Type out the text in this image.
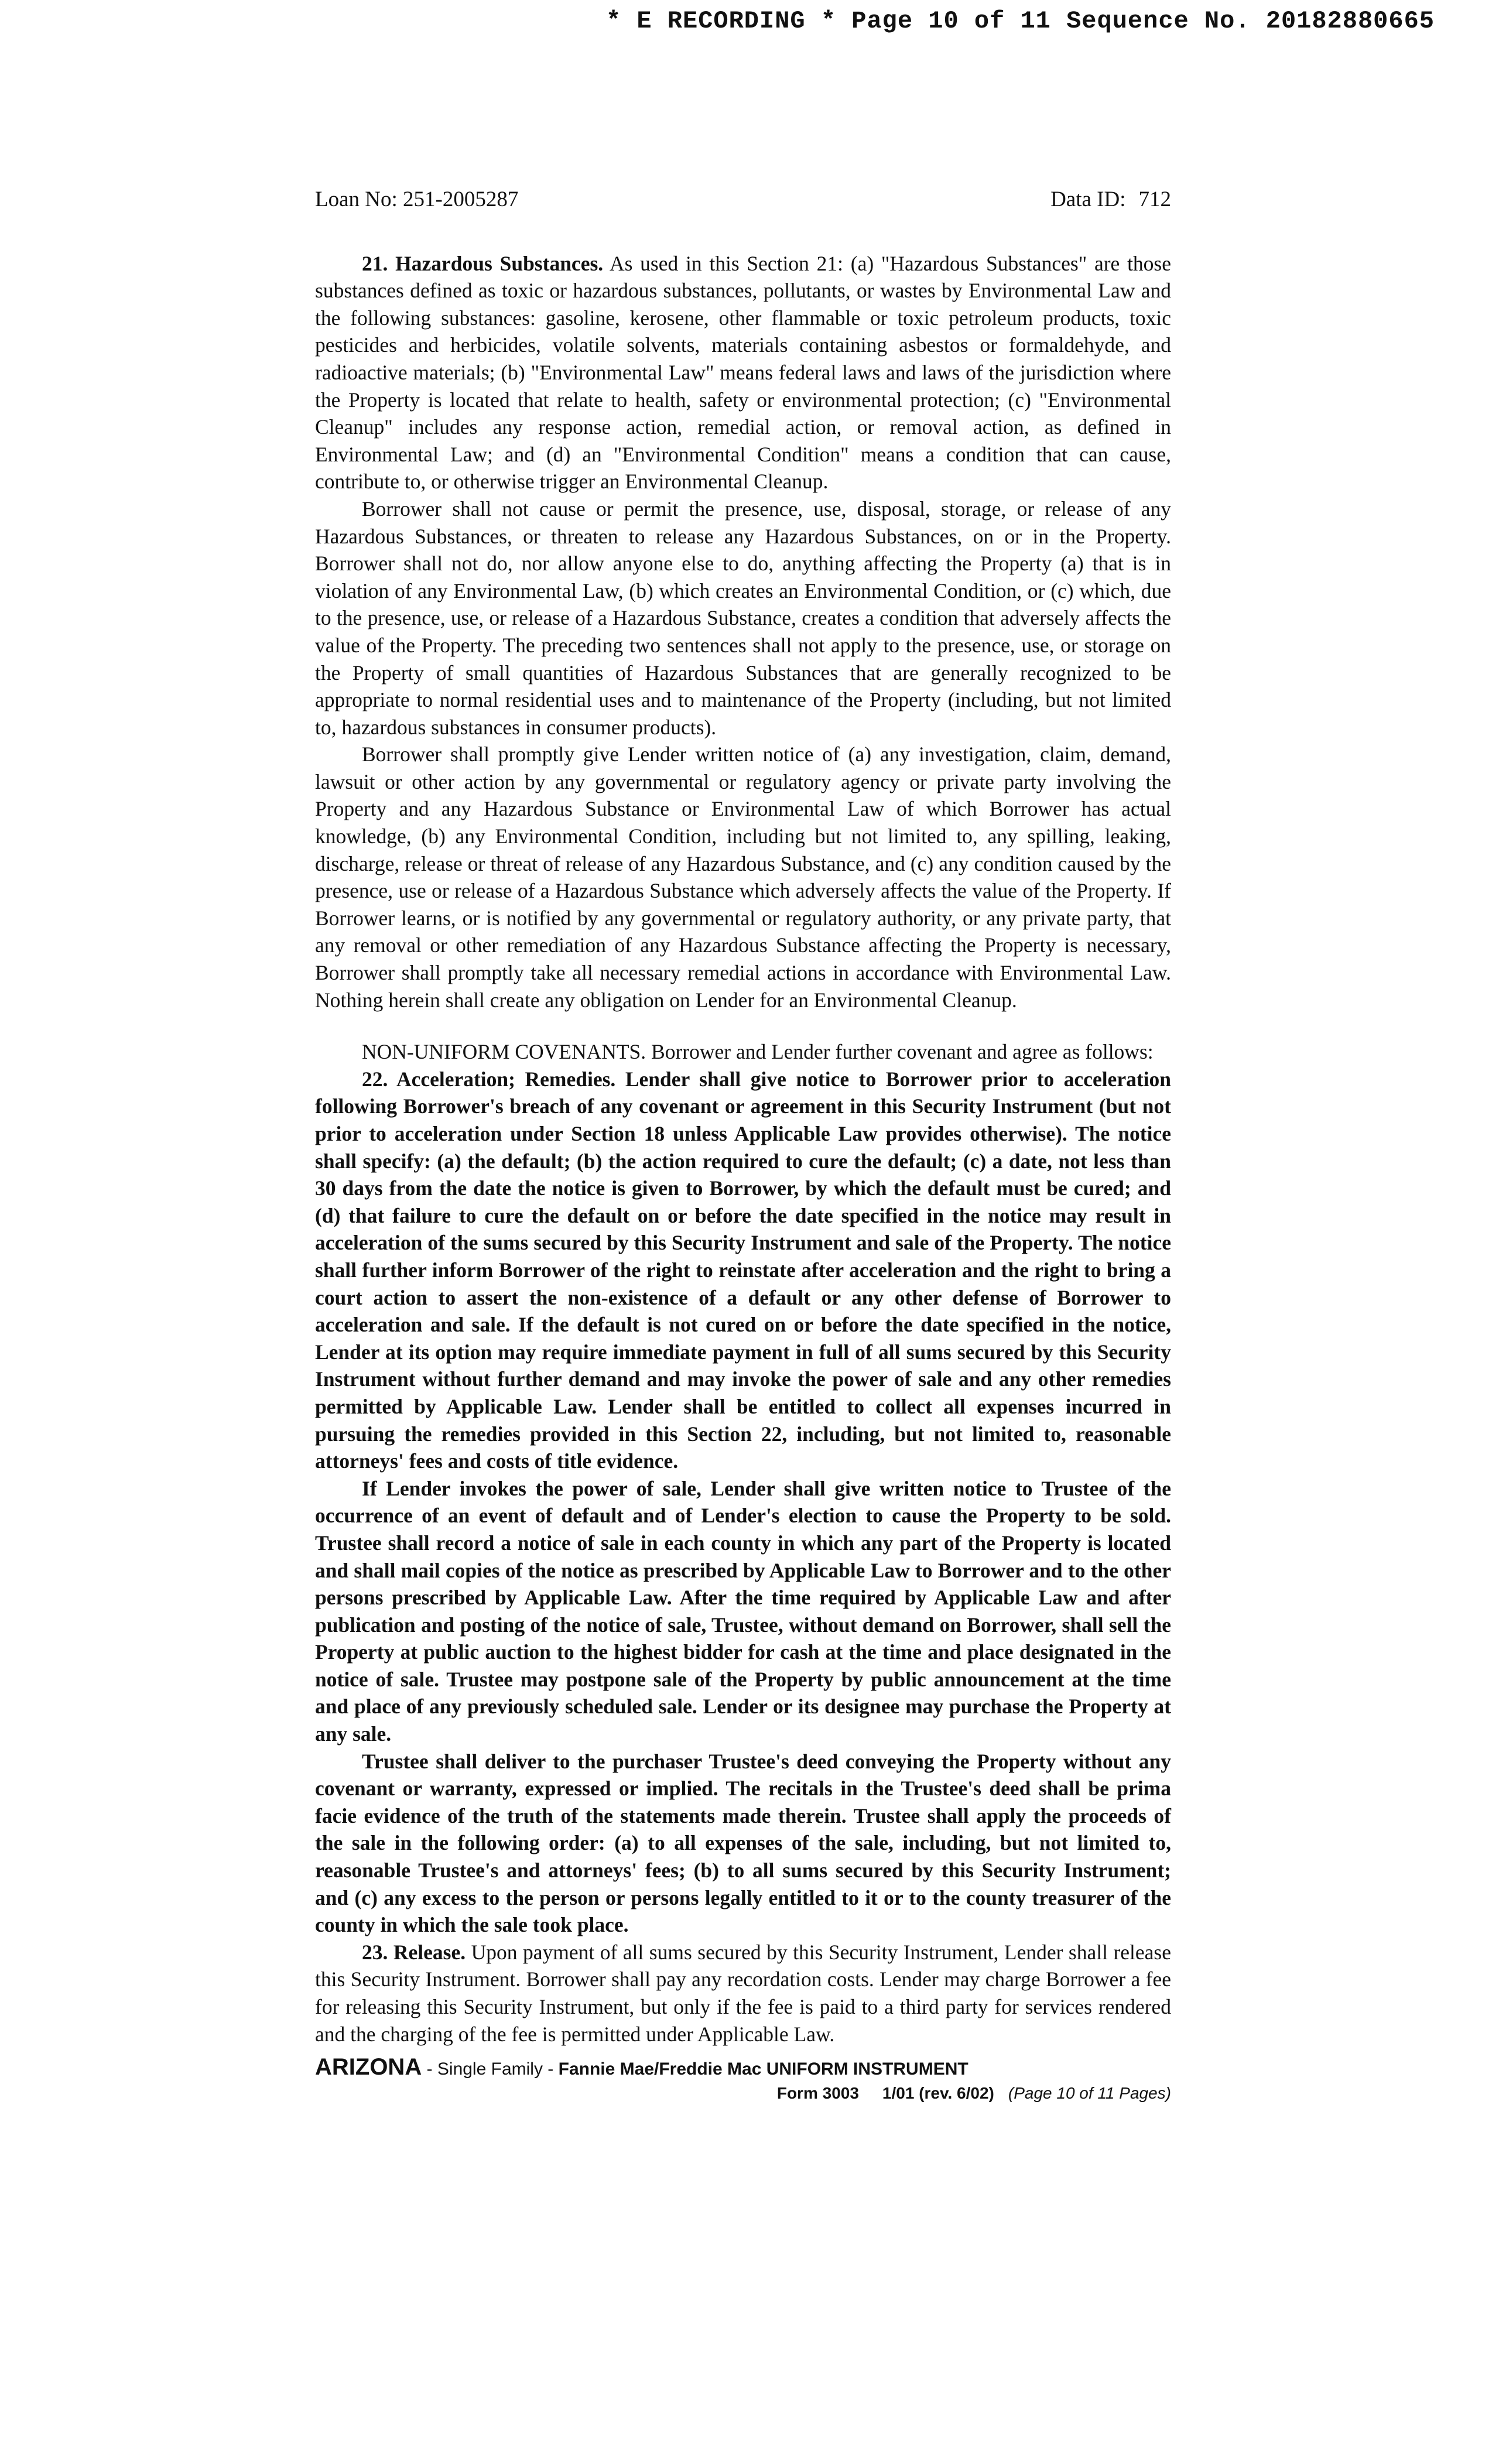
* E RECORDING * Page 10 of 11 Sequence No. 20182880665
Loan No: 251-2005287	Data ID: 712

21. Hazardous Substances. As used in this Section 21: (a) "Hazardous Substances" are those substances defined as toxic or hazardous substances, pollutants, or wastes by Environmental Law and the following substances: gasoline, kerosene, other flammable or toxic petroleum products, toxic pesticides and herbicides, volatile solvents, materials containing asbestos or formaldehyde, and radioactive materials; (b) "Environmental Law" means federal laws and laws of the jurisdiction where the Property is located that relate to health, safety or environmental protection; (c) "Environmental Cleanup" includes any response action, remedial action, or removal action, as defined in Environmental Law; and (d) an "Environmental Condition" means a condition that can cause, contribute to, or otherwise trigger an Environmental Cleanup.

Borrower shall not cause or permit the presence, use, disposal, storage, or release of any Hazardous Substances, or threaten to release any Hazardous Substances, on or in the Property. Borrower shall not do, nor allow anyone else to do, anything affecting the Property (a) that is in violation of any Environmental Law, (b) which creates an Environmental Condition, or (c) which, due to the presence, use, or release of a Hazardous Substance, creates a condition that adversely affects the value of the Property. The preceding two sentences shall not apply to the presence, use, or storage on the Property of small quantities of Hazardous Substances that are generally recognized to be appropriate to normal residential uses and to maintenance of the Property (including, but not limited to, hazardous substances in consumer products).

Borrower shall promptly give Lender written notice of (a) any investigation, claim, demand, lawsuit or other action by any governmental or regulatory agency or private party involving the Property and any Hazardous Substance or Environmental Law of which Borrower has actual knowledge, (b) any Environmental Condition, including but not limited to, any spilling, leaking, discharge, release or threat of release of any Hazardous Substance, and (c) any condition caused by the presence, use or release of a Hazardous Substance which adversely affects the value of the Property. If Borrower learns, or is notified by any governmental or regulatory authority, or any private party, that any removal or other remediation of any Hazardous Substance affecting the Property is necessary, Borrower shall promptly take all necessary remedial actions in accordance with Environmental Law. Nothing herein shall create any obligation on Lender for an Environmental Cleanup.

NON-UNIFORM COVENANTS. Borrower and Lender further covenant and agree as follows:

22. Acceleration; Remedies. Lender shall give notice to Borrower prior to acceleration following Borrower's breach of any covenant or agreement in this Security Instrument (but not prior to acceleration under Section 18 unless Applicable Law provides otherwise). The notice shall specify: (a) the default; (b) the action required to cure the default; (c) a date, not less than 30 days from the date the notice is given to Borrower, by which the default must be cured; and (d) that failure to cure the default on or before the date specified in the notice may result in acceleration of the sums secured by this Security Instrument and sale of the Property. The notice shall further inform Borrower of the right to reinstate after acceleration and the right to bring a court action to assert the non-existence of a default or any other defense of Borrower to acceleration and sale. If the default is not cured on or before the date specified in the notice, Lender at its option may require immediate payment in full of all sums secured by this Security Instrument without further demand and may invoke the power of sale and any other remedies permitted by Applicable Law. Lender shall be entitled to collect all expenses incurred in pursuing the remedies provided in this Section 22, including, but not limited to, reasonable attorneys' fees and costs of title evidence.

If Lender invokes the power of sale, Lender shall give written notice to Trustee of the occurrence of an event of default and of Lender's election to cause the Property to be sold. Trustee shall record a notice of sale in each county in which any part of the Property is located and shall mail copies of the notice as prescribed by Applicable Law to Borrower and to the other persons prescribed by Applicable Law. After the time required by Applicable Law and after publication and posting of the notice of sale, Trustee, without demand on Borrower, shall sell the Property at public auction to the highest bidder for cash at the time and place designated in the notice of sale. Trustee may postpone sale of the Property by public announcement at the time and place of any previously scheduled sale. Lender or its designee may purchase the Property at any sale.

Trustee shall deliver to the purchaser Trustee's deed conveying the Property without any covenant or warranty, expressed or implied. The recitals in the Trustee's deed shall be prima facie evidence of the truth of the statements made therein. Trustee shall apply the proceeds of the sale in the following order: (a) to all expenses of the sale, including, but not limited to, reasonable Trustee's and attorneys' fees; (b) to all sums secured by this Security Instrument; and (c) any excess to the person or persons legally entitled to it or to the county treasurer of the county in which the sale took place.

23. Release. Upon payment of all sums secured by this Security Instrument, Lender shall release this Security Instrument. Borrower shall pay any recordation costs. Lender may charge Borrower a fee for releasing this Security Instrument, but only if the fee is paid to a third party for services rendered and the charging of the fee is permitted under Applicable Law.

ARIZONA - Single Family - Fannie Mae/Freddie Mac UNIFORM INSTRUMENT
Form 3003 1/01 (rev. 6/02) (Page 10 of 11 Pages)
